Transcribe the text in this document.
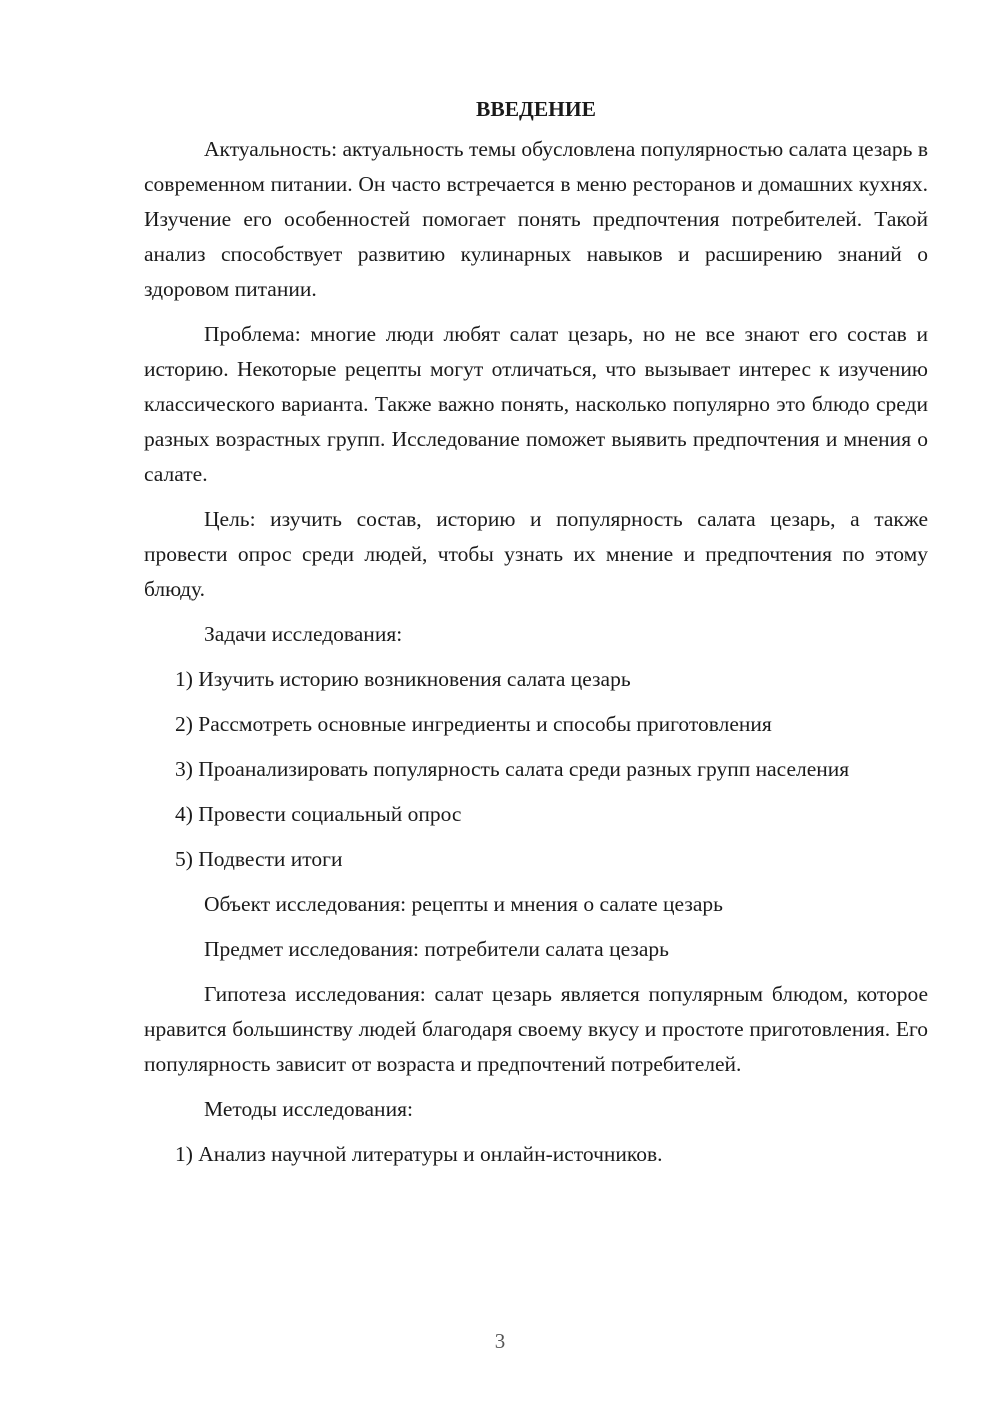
ВВЕДЕНИЕ

Актуальность: актуальность темы обусловлена популярностью салата цезарь в современном питании. Он часто встречается в меню ресторанов и домашних кухнях. Изучение его особенностей помогает понять предпочтения потребителей. Такой анализ способствует развитию кулинарных навыков и расширению знаний о здоровом питании.

Проблема: многие люди любят салат цезарь, но не все знают его состав и историю. Некоторые рецепты могут отличаться, что вызывает интерес к изучению классического варианта. Также важно понять, насколько популярно это блюдо среди разных возрастных групп. Исследование поможет выявить предпочтения и мнения о салате.

Цель: изучить состав, историю и популярность салата цезарь, а также провести опрос среди людей, чтобы узнать их мнение и предпочтения по этому блюду.

Задачи исследования:

1) Изучить историю возникновения салата цезарь

2) Рассмотреть основные ингредиенты и способы приготовления

3) Проанализировать популярность салата среди разных групп населения

4) Провести социальный опрос

5) Подвести итоги

Объект исследования: рецепты и мнения о салате цезарь

Предмет исследования: потребители салата цезарь

Гипотеза исследования: салат цезарь является популярным блюдом, которое нравится большинству людей благодаря своему вкусу и простоте приготовления. Его популярность зависит от возраста и предпочтений потребителей.

Методы исследования:

1) Анализ научной литературы и онлайн-источников.

3
